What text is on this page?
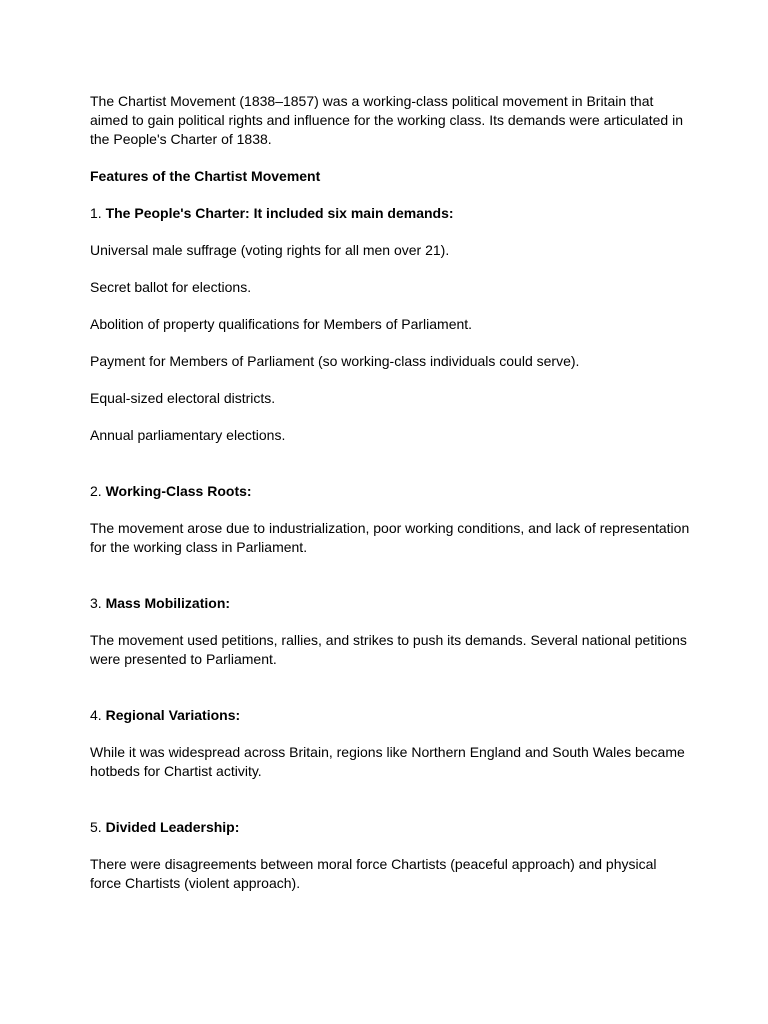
The Chartist Movement (1838–1857) was a working-class political movement in Britain that aimed to gain political rights and influence for the working class. Its demands were articulated in the People's Charter of 1838.

Features of the Chartist Movement

1. The People's Charter: It included six main demands:

Universal male suffrage (voting rights for all men over 21).

Secret ballot for elections.

Abolition of property qualifications for Members of Parliament.

Payment for Members of Parliament (so working-class individuals could serve).

Equal-sized electoral districts.

Annual parliamentary elections.

2. Working-Class Roots:

The movement arose due to industrialization, poor working conditions, and lack of representation for the working class in Parliament.

3. Mass Mobilization:

The movement used petitions, rallies, and strikes to push its demands. Several national petitions were presented to Parliament.

4. Regional Variations:

While it was widespread across Britain, regions like Northern England and South Wales became hotbeds for Chartist activity.

5. Divided Leadership:

There were disagreements between moral force Chartists (peaceful approach) and physical force Chartists (violent approach).
